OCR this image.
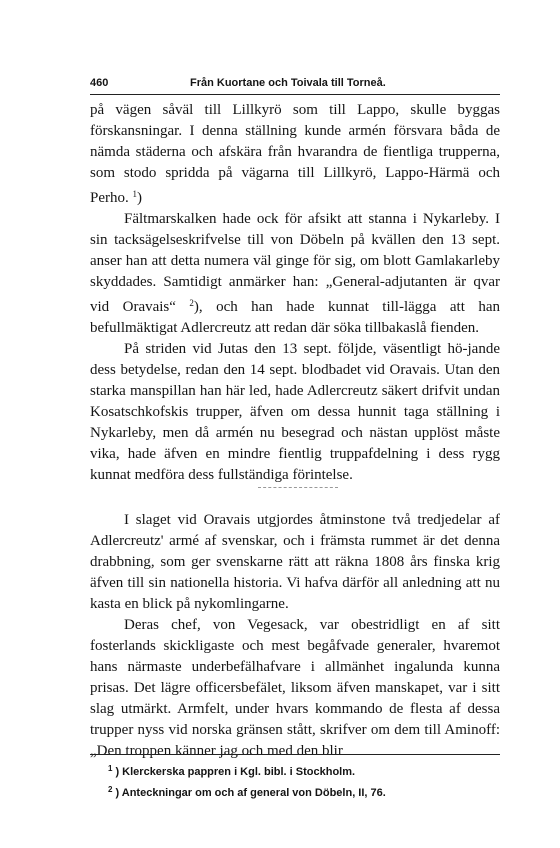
460	Från Kuortane och Toivala till Torneå.

på vägen såväl till Lillkyrö som till Lappo, skulle byggas förskansningar. I denna ställning kunde armén försvara båda de nämda städerna och afskära från hvarandra de fientliga trupperna, som stodo spridda på vägarna till Lillkyrö, Lappo-Härmä och Perho. $^1$)

Fältmarskalken hade ock för afsikt att stanna i Nykarleby. I sin tacksägelseskrifvelse till von Döbeln på kvällen den 13 sept. anser han att detta numera väl ginge för sig, om blott Gamlakarleby skyddades. Samtidigt anmärker han: „General-adjutanten är qvar vid Oravais“ $^2$), och han hade kunnat till-lägga att han befullmäktigat Adlercreutz att redan där söka tillbakaslå fienden.

På striden vid Jutas den 13 sept. följde, väsentligt hö-jande dess betydelse, redan den 14 sept. blodbadet vid Oravais. Utan den starka manspillan han här led, hade Adlercreutz säkert drifvit undan Kosatschkofskis trupper, äfven om dessa hunnit taga ställning i Nykarleby, men då armén nu besegrad och nästan upplöst måste vika, hade äfven en mindre fientlig truppafdelning i dess rygg kunnat medföra dess fullständiga förintelse.

I slaget vid Oravais utgjordes åtminstone två tredjedelar af Adlercreutz' armé af svenskar, och i främsta rummet är det denna drabbning, som ger svenskarne rätt att räkna 1808 års finska krig äfven till sin nationella historia. Vi hafva därför all anledning att nu kasta en blick på nykomlingarne.

Deras chef, von Vegesack, var obestridligt en af sitt fosterlands skickligaste och mest begåfvade generaler, hvaremot hans närmaste underbefälhafvare i allmänhet ingalunda kunna prisas. Det lägre officersbefälet, liksom äfven manskapet, var i sitt slag utmärkt. Armfelt, under hvars kommando de flesta af dessa trupper nyss vid norska gränsen stått, skrifver om dem till Aminoff: „Den troppen känner jag och med den blir

$^1$ ) Klerckerska pappren i Kgl. bibl. i Stockholm.
$^2$ ) Anteckningar om och af general von Döbeln, II, 76.
